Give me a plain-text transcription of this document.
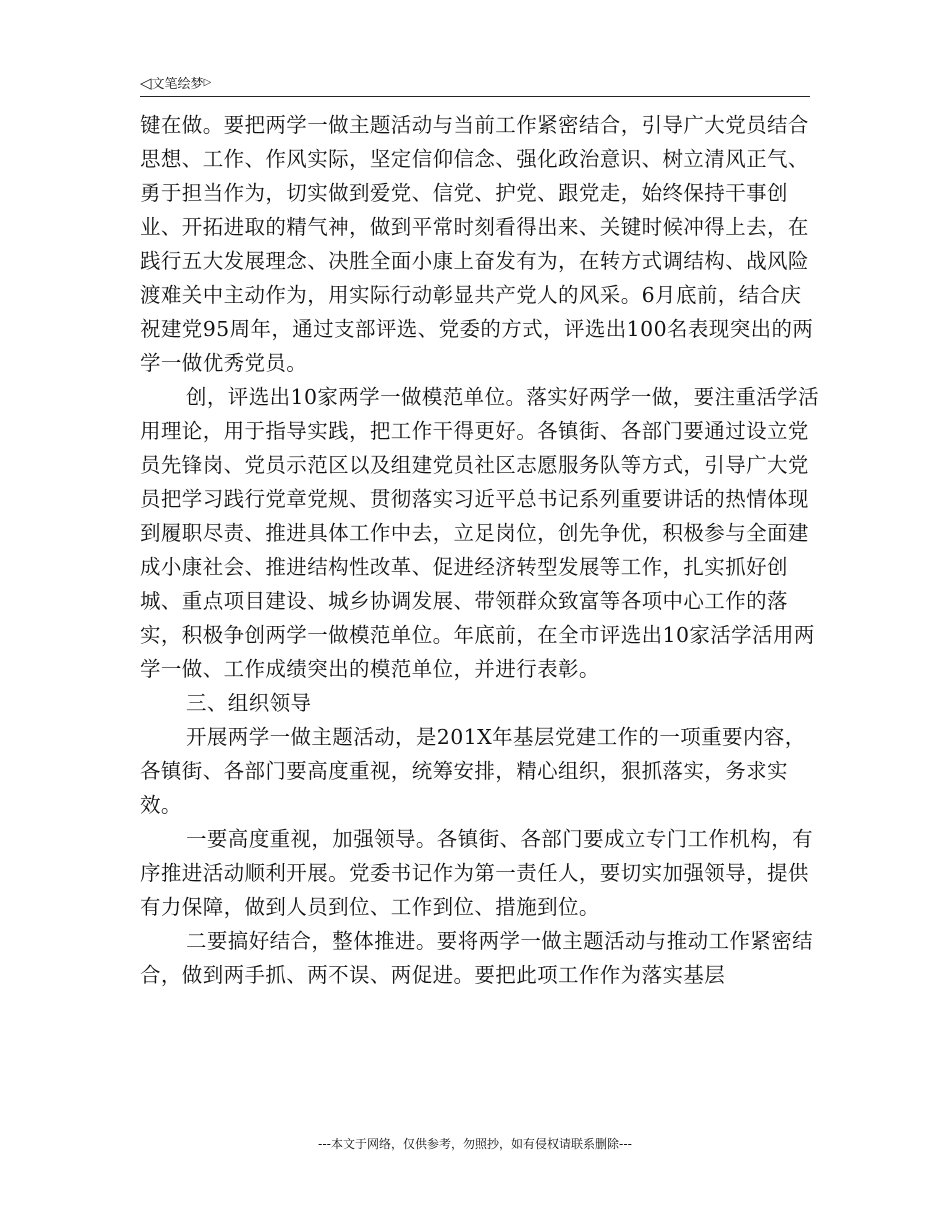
◁文笔绘梦▷

键在做。要把两学一做主题活动与当前工作紧密结合，引导广大党员结合思想、工作、作风实际，坚定信仰信念、强化政治意识、树立清风正气、勇于担当作为，切实做到爱党、信党、护党、跟党走，始终保持干事创业、开拓进取的精气神，做到平常时刻看得出来、关键时候冲得上去，在践行五大发展理念、决胜全面小康上奋发有为，在转方式调结构、战风险渡难关中主动作为，用实际行动彰显共产党人的风采。6月底前，结合庆祝建党95周年，通过支部评选、党委的方式，评选出100名表现突出的两学一做优秀党员。

创，评选出10家两学一做模范单位。落实好两学一做，要注重活学活用理论，用于指导实践，把工作干得更好。各镇街、各部门要通过设立党员先锋岗、党员示范区以及组建党员社区志愿服务队等方式，引导广大党员把学习践行党章党规、贯彻落实习近平总书记系列重要讲话的热情体现到履职尽责、推进具体工作中去，立足岗位，创先争优，积极参与全面建成小康社会、推进结构性改革、促进经济转型发展等工作，扎实抓好创城、重点项目建设、城乡协调发展、带领群众致富等各项中心工作的落实，积极争创两学一做模范单位。年底前，在全市评选出10家活学活用两学一做、工作成绩突出的模范单位，并进行表彰。

三、组织领导

开展两学一做主题活动，是201X年基层党建工作的一项重要内容，各镇街、各部门要高度重视，统筹安排，精心组织，狠抓落实，务求实效。

一要高度重视，加强领导。各镇街、各部门要成立专门工作机构，有序推进活动顺利开展。党委书记作为第一责任人，要切实加强领导，提供有力保障，做到人员到位、工作到位、措施到位。

二要搞好结合，整体推进。要将两学一做主题活动与推动工作紧密结合，做到两手抓、两不误、两促进。要把此项工作作为落实基层

---本文于网络，仅供参考，勿照抄，如有侵权请联系删除---
